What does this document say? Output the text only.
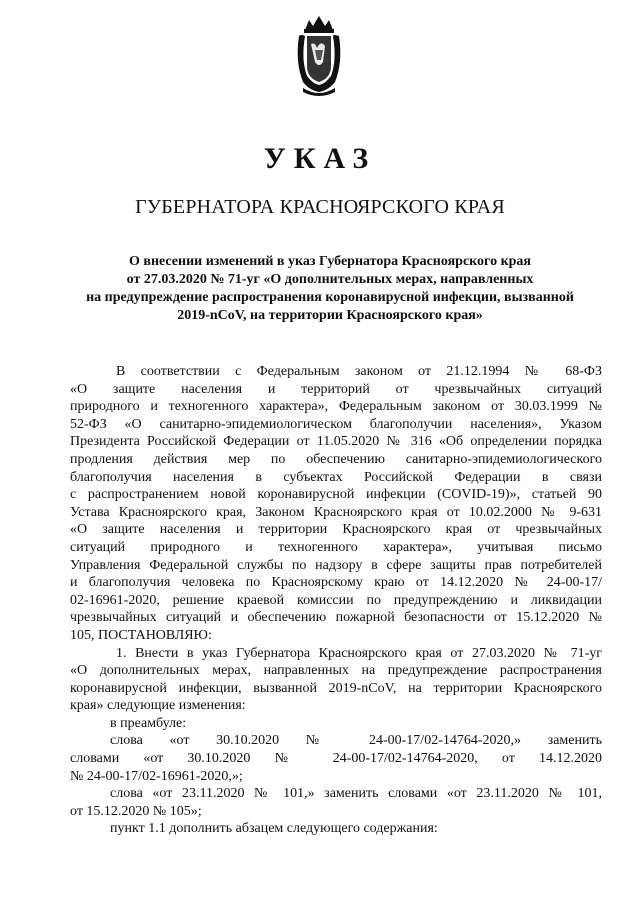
УКАЗ
ГУБЕРНАТОРА КРАСНОЯРСКОГО КРАЯ
О внесении изменений в указ Губернатора Красноярского края
от 27.03.2020 № 71-уг «О дополнительных мерах, направленных
на предупреждение распространения коронавирусной инфекции, вызванной
2019-nCoV, на территории Красноярского края»
В соответствии с Федеральным законом от 21.12.1994 № 68-ФЗ
«О защите населения и территорий от чрезвычайных ситуаций
природного и техногенного характера», Федеральным законом от 30.03.1999 №
52-ФЗ «О санитарно-эпидемиологическом благополучии населения», Указом
Президента Российской Федерации от 11.05.2020 № 316 «Об определении порядка
продления действия мер по обеспечению санитарно-эпидемиологического
благополучия населения в субъектах Российской Федерации в связи
с распространением новой коронавирусной инфекции (COVID-19)», статьей 90
Устава Красноярского края, Законом Красноярского края от 10.02.2000 № 9-631
«О защите населения и территории Красноярского края от чрезвычайных
ситуаций природного и техногенного характера», учитывая письмо
Управления Федеральной службы по надзору в сфере защиты прав потребителей
и благополучия человека по Красноярскому краю от 14.12.2020 № 24-00-17/
02-16961-2020, решение краевой комиссии по предупреждению и ликвидации
чрезвычайных ситуаций и обеспечению пожарной безопасности от 15.12.2020 №
105, ПОСТАНОВЛЯЮ:
1. Внести в указ Губернатора Красноярского края от 27.03.2020 № 71-уг
«О дополнительных мерах, направленных на предупреждение распространения
коронавирусной инфекции, вызванной 2019-nCoV, на территории Красноярского
края» следующие изменения:
в преамбуле:
слова «от 30.10.2020 № 24-00-17/02-14764-2020,» заменить
словами «от 30.10.2020 № 24-00-17/02-14764-2020, от 14.12.2020
№ 24-00-17/02-16961-2020,»;
слова «от 23.11.2020 № 101,» заменить словами «от 23.11.2020 № 101,
от 15.12.2020 № 105»;
пункт 1.1 дополнить абзацем следующего содержания:
